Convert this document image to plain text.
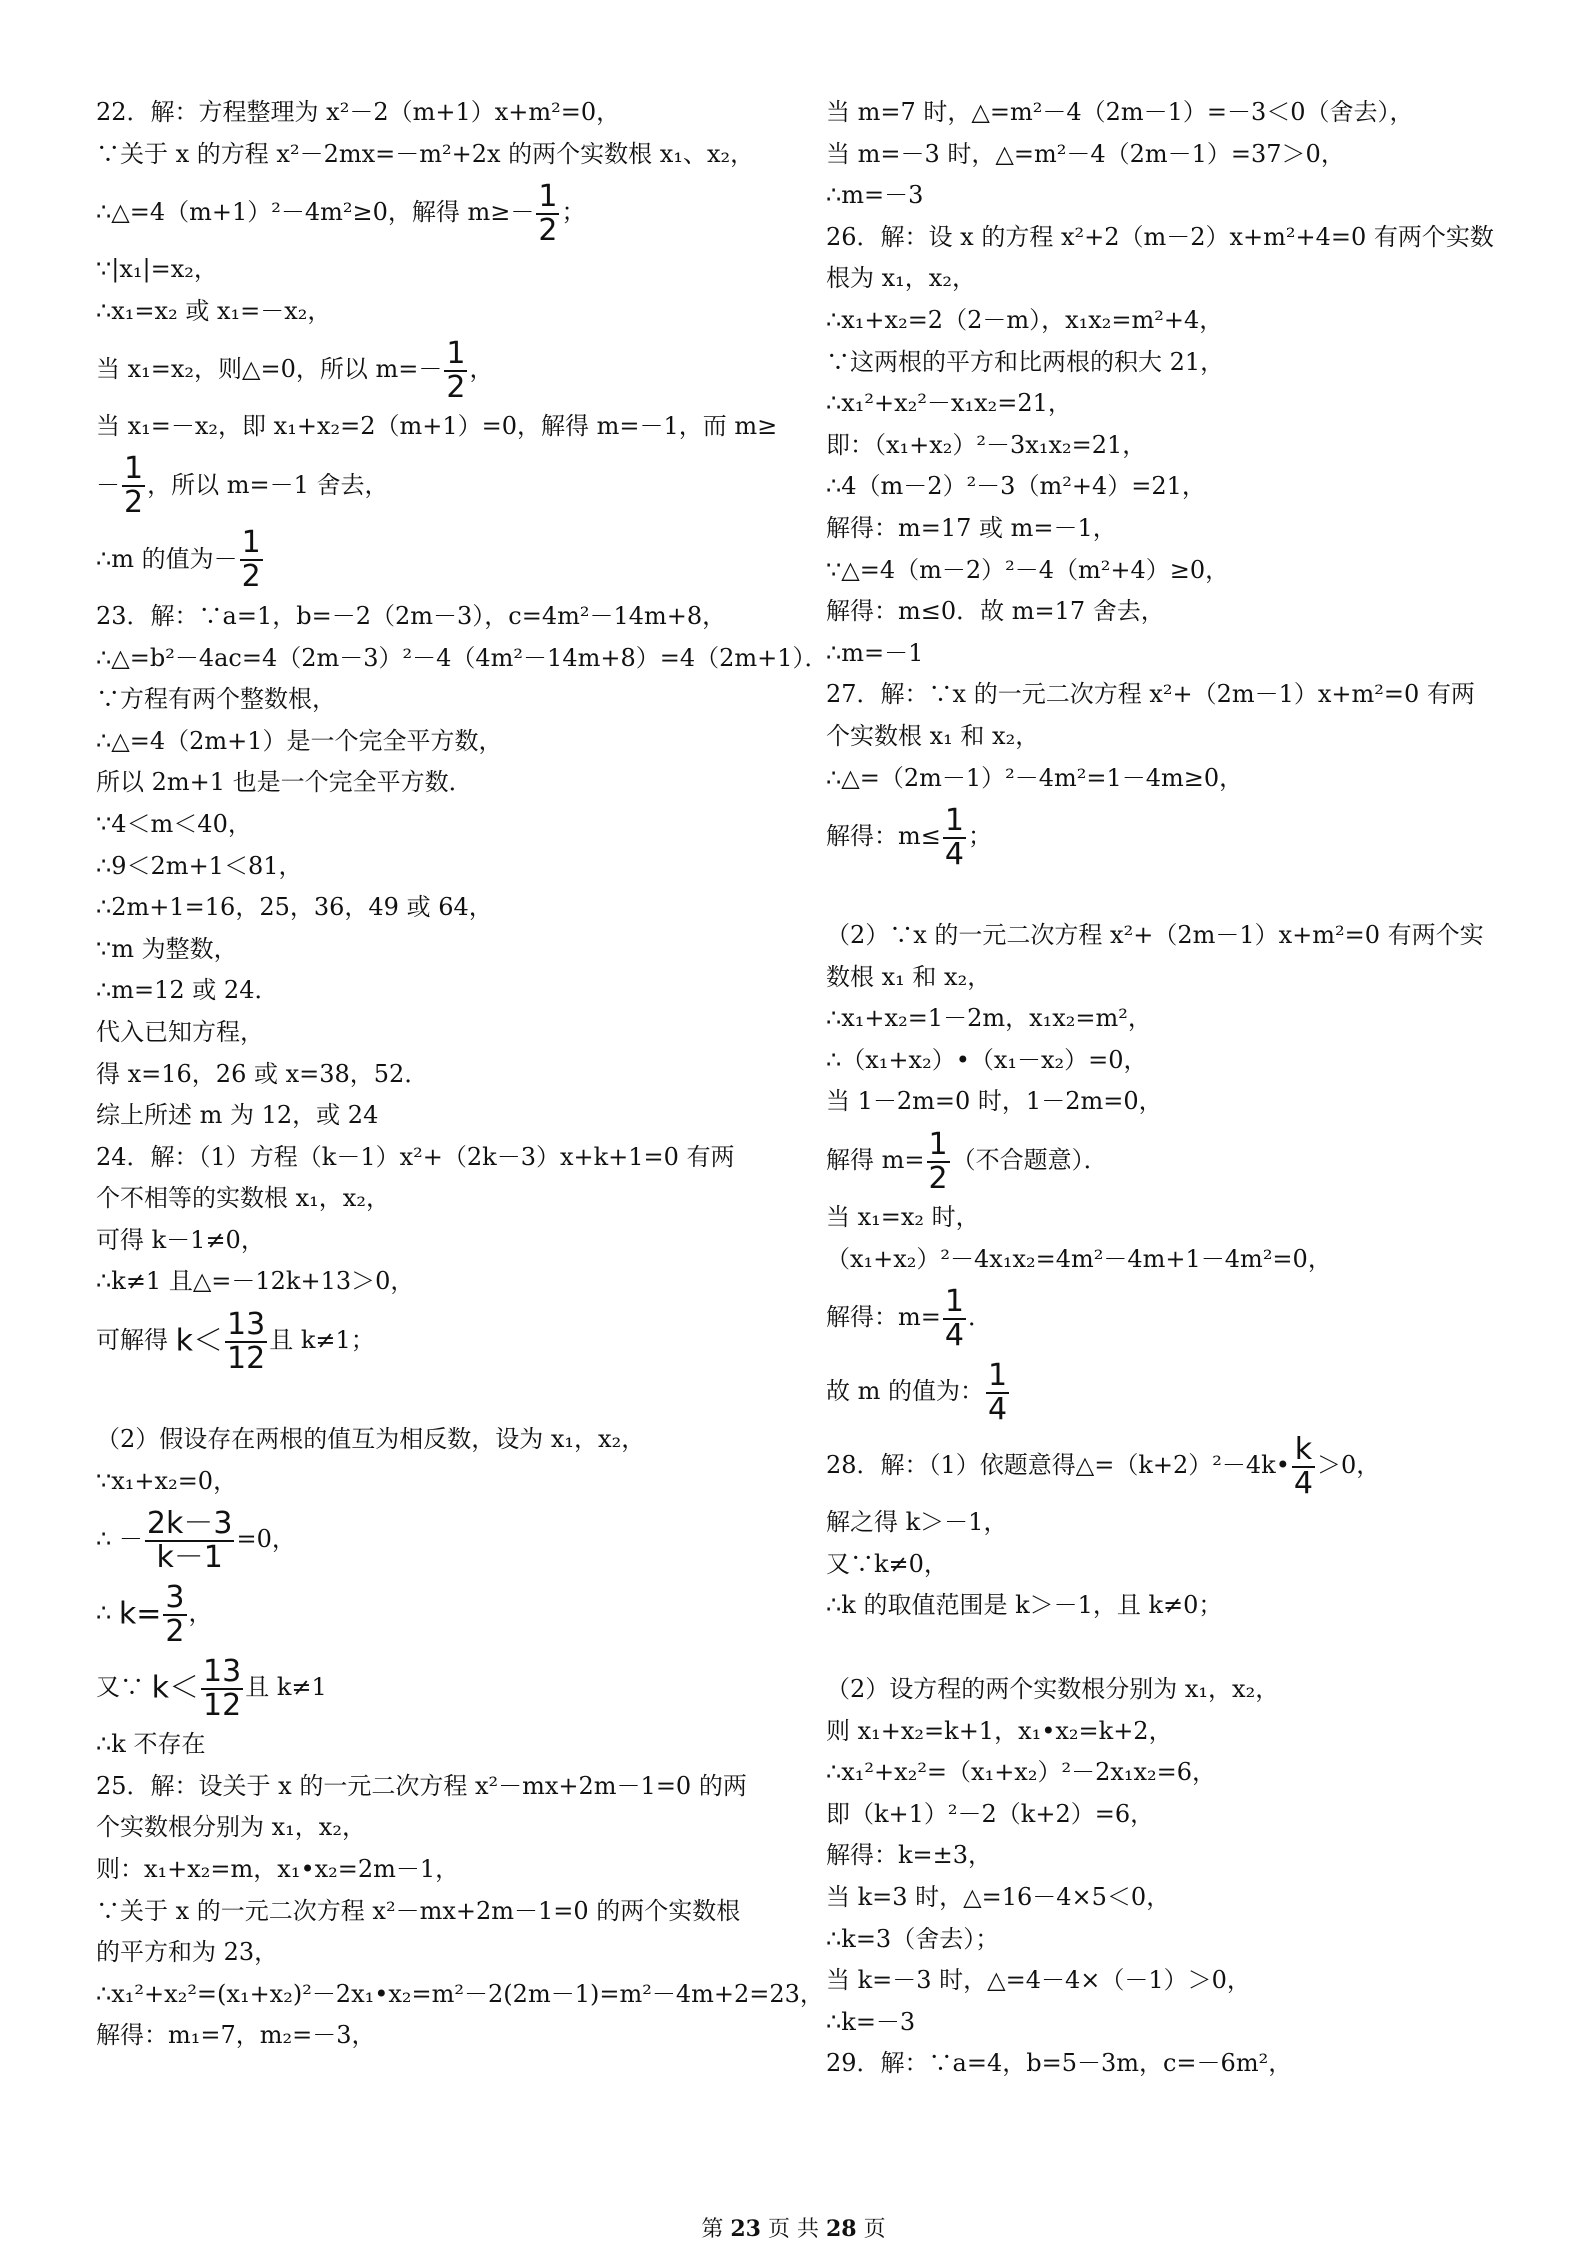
22．解：方程整理为 x²－2（m+1）x+m²=0，
∵关于 x 的方程 x²－2mx=－m²+2x 的两个实数根 x₁、x₂，
∴△=4（m+1）²－4m²≥0，解得 $m\ge- \frac{1}{2}$ ；
∵|x₁|=x₂，
∴x₁=x₂ 或 x₁=－x₂，
当 x₁=x₂，则△=0，所以 $m=- \frac{1}{2}$ ，
当 x₁=－x₂，即 x₁+x₂=2（m+1）=0，解得 m=－1，而 m≥
－ $\frac{1}{2}$ ，所以 m=－1 舍去，
∴m 的值为－ $\frac{1}{2}$
23．解：∵a=1，b=－2（2m－3），c=4m²－14m+8，
∴△=b²－4ac=4（2m－3）²－4（4m²－14m+8）=4（2m+1）．
∵方程有两个整数根，
∴△=4（2m+1）是一个完全平方数，
所以 2m+1 也是一个完全平方数．
∵4＜m＜40，
∴9＜2m+1＜81，
∴2m+1=16，25，36，49 或 64，
∵m 为整数，
∴m=12 或 24．
代入已知方程，
得 x=16，26 或 x=38，52．
综上所述 m 为 12，或 24
24．解：（1）方程（k－1）x²+（2k－3）x+k+1=0 有两
个不相等的实数根 x₁，x₂，
可得 k－1≠0，
∴k≠1 且△=－12k+13＞0，
可解得 $k< \frac{13}{12}$ 且 k≠1；
（2）假设存在两根的值互为相反数，设为 x₁，x₂，
∵x₁+x₂=0，
∴ － $\frac{2k-3}{k-1} =0$，
∴ $k= \frac{3}{2}$ ，
又∵ $k< \frac{13}{12}$ 且 k≠1
∴k 不存在
25．解：设关于 x 的一元二次方程 x²－mx+2m－1=0 的两
个实数根分别为 x₁，x₂，
则：x₁+x₂=m，x₁•x₂=2m－1，
∵关于 x 的一元二次方程 x²－mx+2m－1=0 的两个实数根
的平方和为 23，
∴x₁²+x₂²=(x₁+x₂)²－2x₁•x₂=m²－2(2m－1)=m²－4m+2=23，
解得：m₁=7，m₂=－3，
当 m=7 时，△=m²－4（2m－1）=－3＜0（舍去），
当 m=－3 时，△=m²－4（2m－1）=37＞0，
∴m=－3
26．解：设 x 的方程 x²+2（m－2）x+m²+4=0 有两个实数
根为 x₁，x₂，
∴x₁+x₂=2（2－m），x₁x₂=m²+4，
∵这两根的平方和比两根的积大 21，
∴x₁²+x₂²－x₁x₂=21，
即：（x₁+x₂）²－3x₁x₂=21，
∴4（m－2）²－3（m²+4）=21，
解得：m=17 或 m=－1，
∵△=4（m－2）²－4（m²+4）≥0，
解得：m≤0．故 m=17 舍去，
∴m=－1
27．解：∵x 的一元二次方程 x²+（2m－1）x+m²=0 有两
个实数根 x₁ 和 x₂，
∴△=（2m－1）²－4m²=1－4m≥0，
解得：$m\le \frac{1}{4}$ ；
（2）∵x 的一元二次方程 x²+（2m－1）x+m²=0 有两个实
数根 x₁ 和 x₂，
∴x₁+x₂=1－2m，x₁x₂=m²，
∴（x₁+x₂）•（x₁－x₂）=0，
当 1－2m=0 时，1－2m=0，
解得 $m= \frac{1}{2}$ （不合题意）．
当 x₁=x₂ 时，
（x₁+x₂）²－4x₁x₂=4m²－4m+1－4m²=0，
解得：$m= \frac{1}{4}$ ．
故 m 的值为： $\frac{1}{4}$
28．解：（1）依题意得△=（k+2）²－4k• $\frac{k}{4} >0$，
解之得 k＞－1，
又∵k≠0，
∴k 的取值范围是 k＞－1，且 k≠0；
（2）设方程的两个实数根分别为 x₁，x₂，
则 x₁+x₂=k+1，x₁•x₂=k+2，
∴x₁²+x₂²=（x₁+x₂）²－2x₁x₂=6，
即（k+1）²－2（k+2）=6，
解得：k=±3，
当 k=3 时，△=16－4×5＜0，
∴k=3（舍去）；
当 k=－3 时，△=4－4×（－1）＞0，
∴k=－3
29．解：∵a=4，b=5－3m，c=－6m²，
第 23 页 共 28 页
